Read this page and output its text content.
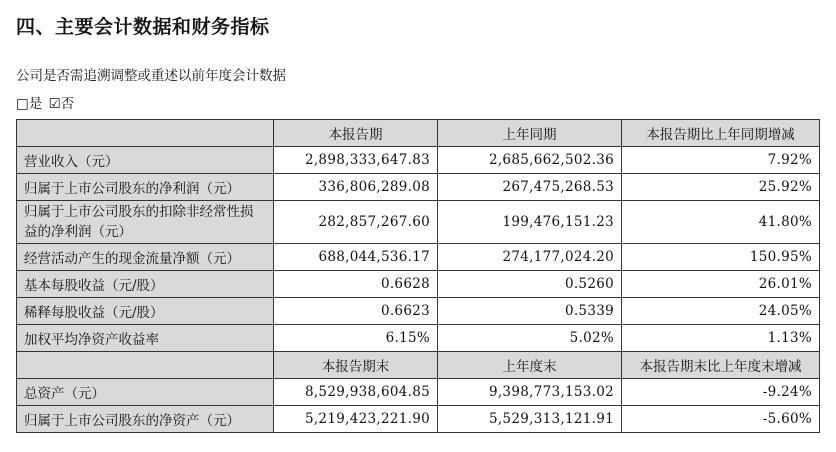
四、主要会计数据和财务指标
公司是否需追溯调整或重述以前年度会计数据
□是 ☑否
	本报告期	上年同期	本报告期比上年同期增减
营业收入（元）	2,898,333,647.83	2,685,662,502.36	7.92%
归属于上市公司股东的净利润（元）	336,806,289.08	267,475,268.53	25.92%
归属于上市公司股东的扣除非经常性损益的净利润（元）	282,857,267.60	199,476,151.23	41.80%
经营活动产生的现金流量净额（元）	688,044,536.17	274,177,024.20	150.95%
基本每股收益（元/股）	0.6628	0.5260	26.01%
稀释每股收益（元/股）	0.6623	0.5339	24.05%
加权平均净资产收益率	6.15%	5.02%	1.13%
	本报告期末	上年度末	本报告期末比上年度末增减
总资产（元）	8,529,938,604.85	9,398,773,153.02	-9.24%
归属于上市公司股东的净资产（元）	5,219,423,221.90	5,529,313,121.91	-5.60%
